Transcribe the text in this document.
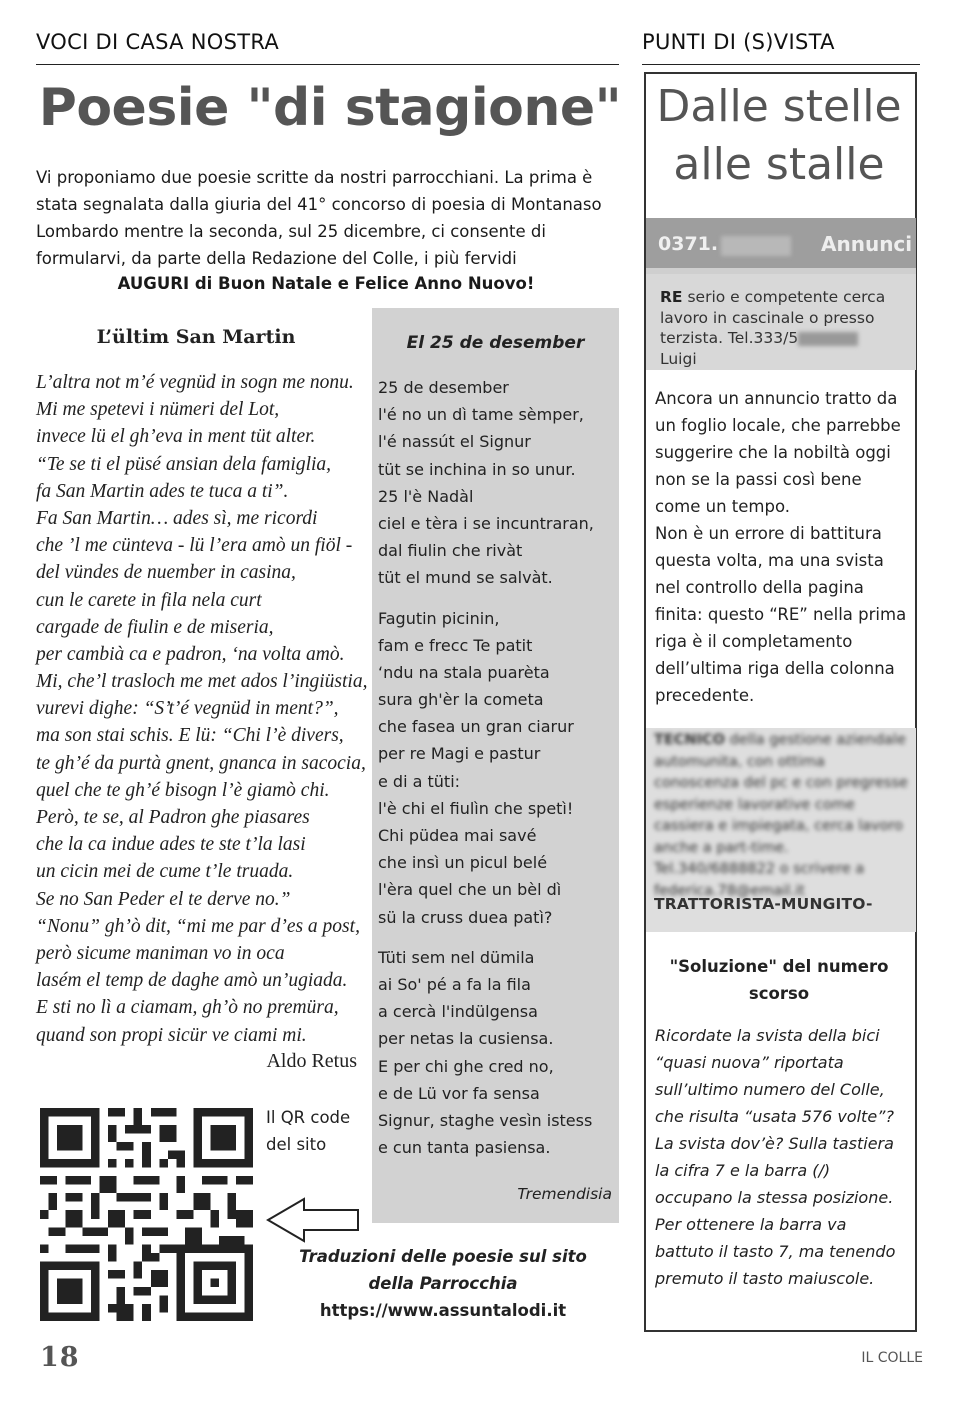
VOCI DI CASA NOSTRA	PUNTI DI (S)VISTA
Poesie "di stagione"
Vi proponiamo due poesie scritte da nostri parrocchiani. La prima è stata segnalata dalla giuria del 41° concorso di poesia di Montanaso Lombardo mentre la seconda, sul 25 dicembre, ci consente di formularvi, da parte della Redazione del Colle, i più fervidi
AUGURI di Buon Natale e Felice Anno Nuovo!
L’ültim San Martin
L’altra not m’é vegnüd in sogn me nonu.
Mi me spetevi i nümeri del Lot,
invece lü el gh’eva in ment tüt alter.
“Te se ti el püsé ansian dela famiglia,
fa San Martin ades te tuca a ti”.
Fa San Martin… ades sì, me ricordi
che ’l me cünteva - lü l’era amò un fiöl -
del vündes de nuember in casina,
cun le carete in fila nela curt
cargade de fiulin e de miseria,
per cambià ca e padron, ‘na volta amò.
Mi, che’l trasloch me met ados l’ingiüstia,
vurevi dighe: “S’t’é vegnüd in ment?”,
ma son stai schis. E lü: “Chi l’è divers,
te gh’é da purtà gnent, gnanca in sacocia,
quel che te gh’é bisogn l’è giamò chi.
Però, te se, al Padron ghe piasares
che la ca indue ades te ste t’la lasi
un cicin mei de cume t’le truada.
Se no San Peder el te derve no.”
“Nonu” gh’ò dit, “mi me par d’es a post,
però sicume maniman vo in oca
lasém el temp de daghe amò un’ugiada.
E sti no lì a ciamam, gh’ò no premüra,
quand son propi sicür ve ciami mi.
Aldo Retus
El 25 de desember
25 de desember
l'é no un dì tame sèmper,
l'é nassút el Signur
tüt se inchina in so unur.
25 l'è Nadàl
ciel e tèra i se incuntraran,
dal fiulin che rivàt
tüt el mund se salvàt.
Fagutin picinin,
fam e frecc Te patit
‘ndu na stala puarèta
sura gh'èr la cometa
che fasea un gran ciarur
per re Magi e pastur
e di a tüti:
l'è chi el fiulìn che spetì!
Chi püdea mai savé
che insì un picul belé
l'èra quel che un bèl dì
sü la cruss duea patì?
Tüti sem nel dümila
ai So' pé a fa la fila
a cercà l'indülgensa
per netas la cusiensa.
E per chi ghe cred no,
e de Lü vor fa sensa
Signur, staghe vesìn istess
e cun tanta pasiensa.
Tremendisia
Il QR code del sito
Traduzioni delle poesie sul sito
della Parrocchia
https://www.assuntalodi.it
18	IL COLLE
Dalle stelle
alle stalle
0371.	Annunci
RE serio e competente cerca
lavoro in cascinale o presso
terzista. Tel.333/5
Luigi
Ancora un annuncio tratto da un foglio locale, che parrebbe suggerire che la nobiltà oggi non se la passi così bene come un tempo.
Non è un errore di battitura questa volta, ma una svista nel controllo della pagina finita: questo “RE” nella prima riga è il completamento dell’ultima riga della colonna precedente.
TECNICO della gestione aziendale automunita, con ottima conoscenza del pc e con pregresse esperienze lavorative come cassiera e impiegata, cerca lavoro anche a part-time. Tel.340/6888822 o scrivere a federica.78@email.it
TRATTORISTA-MUNGITO-
"Soluzione" del numero
scorso
Ricordate la svista della bici “quasi nuova” riportata sull’ultimo numero del Colle, che risulta “usata 576 volte”? La svista dov’è? Sulla tastiera la cifra 7 e la barra (/) occupano la stessa posizione. Per ottenere la barra va battuto il tasto 7, ma tenendo premuto il tasto maiuscole.
